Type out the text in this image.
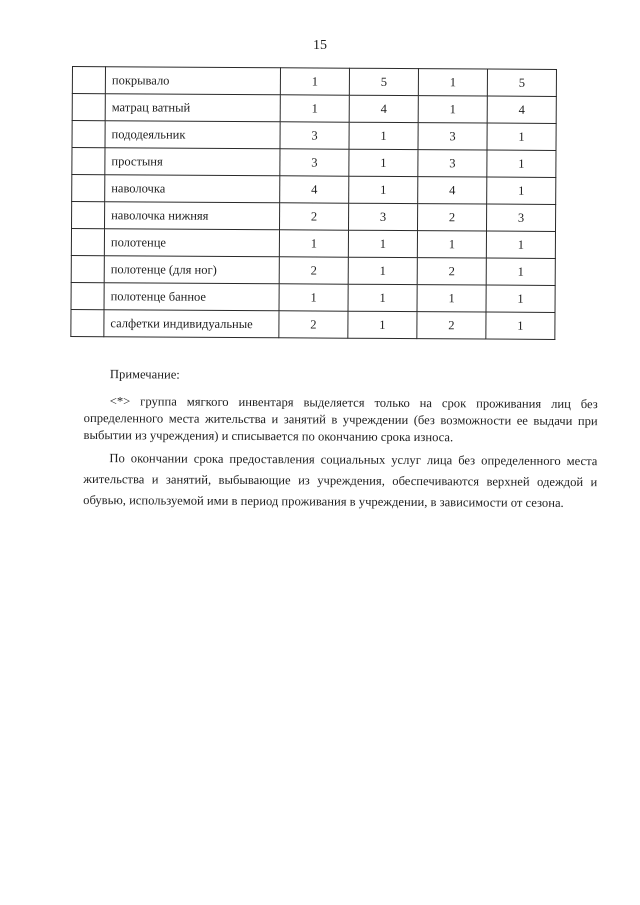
15
	покрывало	1	5	1	5
	матрац ватный	1	4	1	4
	пододеяльник	3	1	3	1
	простыня	3	1	3	1
	наволочка	4	1	4	1
	наволочка нижняя	2	3	2	3
	полотенце	1	1	1	1
	полотенце (для ног)	2	1	2	1
	полотенце банное	1	1	1	1
	салфетки индивидуальные	2	1	2	1

Примечание:

<*> группа мягкого инвентаря выделяется только на срок проживания лиц без определенного места жительства и занятий в учреждении (без возможности ее выдачи при выбытии из учреждения) и списывается по окончанию срока износа.

По окончании срока предоставления социальных услуг лица без определенного места жительства и занятий, выбывающие из учреждения, обеспечиваются верхней одеждой и обувью, используемой ими в период проживания в учреждении, в зависимости от сезона.
